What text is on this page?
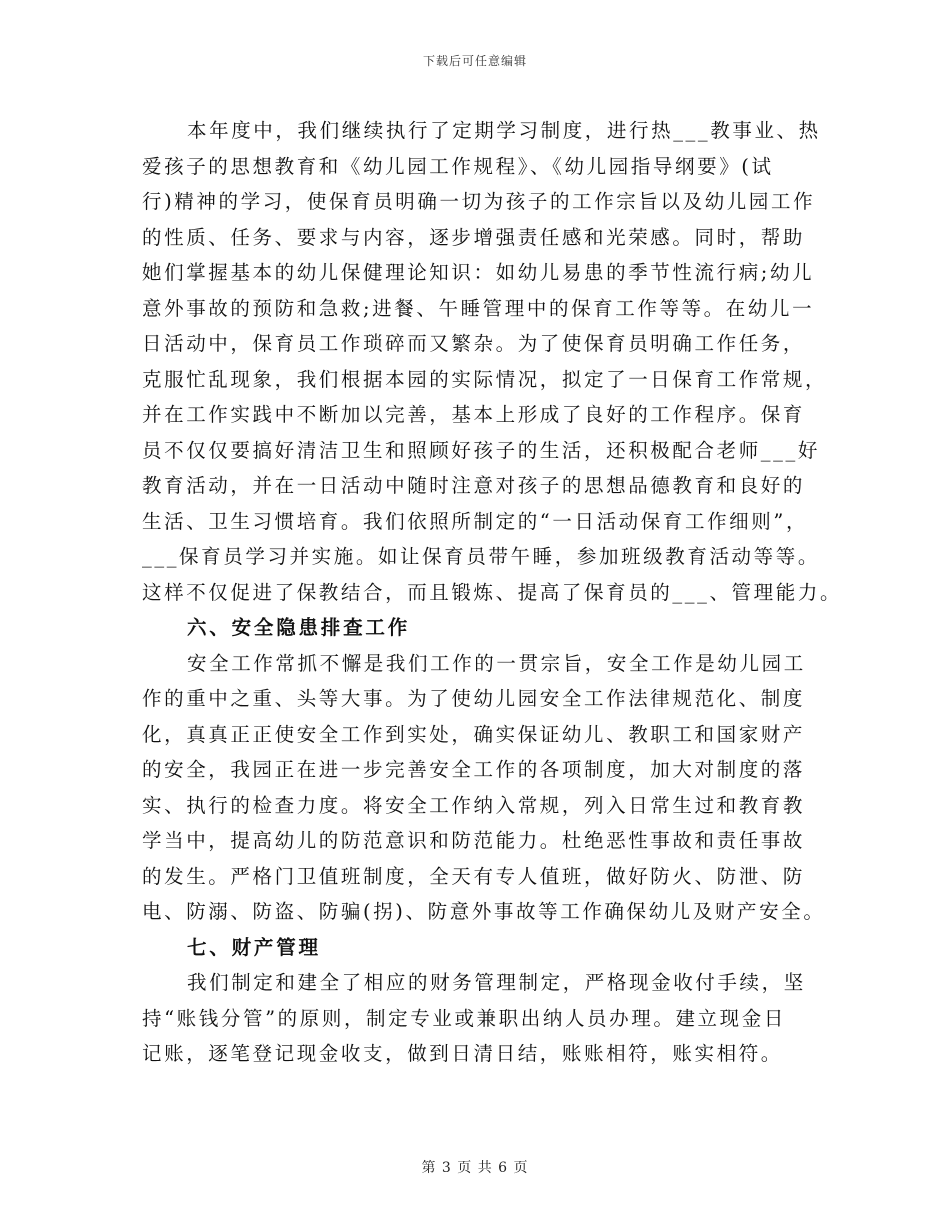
下载后可任意编辑
本年度中，我们继续执行了定期学习制度，进行热___教事业、热
爱孩子的思想教育和《幼儿园工作规程》、《幼儿园指导纲要》(试
行)精神的学习，使保育员明确一切为孩子的工作宗旨以及幼儿园工作
的性质、任务、要求与内容，逐步增强责任感和光荣感。同时，帮助
她们掌握基本的幼儿保健理论知识：如幼儿易患的季节性流行病;幼儿
意外事故的预防和急救;进餐、午睡管理中的保育工作等等。在幼儿一
日活动中，保育员工作琐碎而又繁杂。为了使保育员明确工作任务，
克服忙乱现象，我们根据本园的实际情况，拟定了一日保育工作常规，
并在工作实践中不断加以完善，基本上形成了良好的工作程序。保育
员不仅仅要搞好清洁卫生和照顾好孩子的生活，还积极配合老师___好
教育活动，并在一日活动中随时注意对孩子的思想品德教育和良好的
生活、卫生习惯培育。我们依照所制定的“一日活动保育工作细则”，
___保育员学习并实施。如让保育员带午睡，参加班级教育活动等等。
这样不仅促进了保教结合，而且锻炼、提高了保育员的___、管理能力。
六、安全隐患排查工作
安全工作常抓不懈是我们工作的一贯宗旨，安全工作是幼儿园工
作的重中之重、头等大事。为了使幼儿园安全工作法律规范化、制度
化，真真正正使安全工作到实处，确实保证幼儿、教职工和国家财产
的安全，我园正在进一步完善安全工作的各项制度，加大对制度的落
实、执行的检查力度。将安全工作纳入常规，列入日常生过和教育教
学当中，提高幼儿的防范意识和防范能力。杜绝恶性事故和责任事故
的发生。严格门卫值班制度，全天有专人值班，做好防火、防泄、防
电、防溺、防盗、防骗(拐)、防意外事故等工作确保幼儿及财产安全。
七、财产管理
我们制定和建全了相应的财务管理制定，严格现金收付手续，坚
持“账钱分管”的原则，制定专业或兼职出纳人员办理。建立现金日
记账，逐笔登记现金收支，做到日清日结，账账相符，账实相符。
第 3 页 共 6 页
